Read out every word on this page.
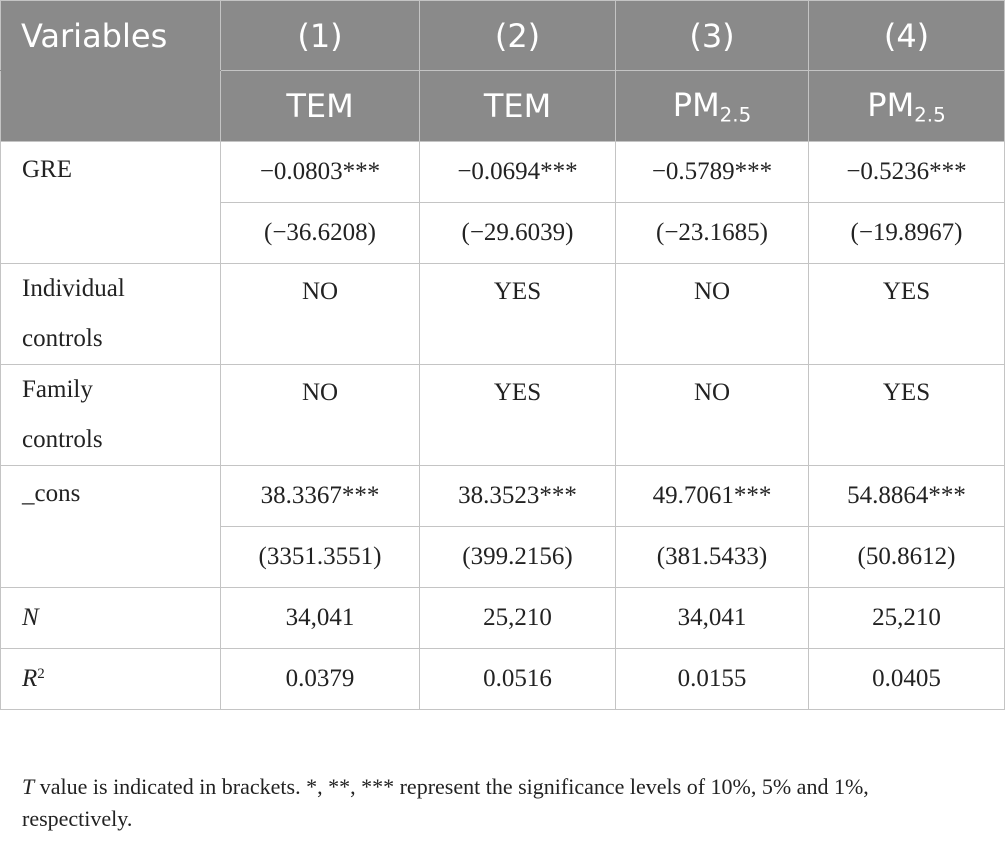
Variables	(1)	(2)	(3)	(4)
	TEM	TEM	$PM_{2.5}$	$PM_{2.5}$
GRE	−0.0803***	−0.0694***	−0.5789***	−0.5236***
	(−36.6208)	(−29.6039)	(−23.1685)	(−19.8967)
Individual
controls	NO	YES	NO	YES
Family
controls	NO	YES	NO	YES
_cons	38.3367***	38.3523***	49.7061***	54.8864***
	(3351.3551)	(399.2156)	(381.5433)	(50.8612)
N	34,041	25,210	34,041	25,210
$R^2$	0.0379	0.0516	0.0155	0.0405
T value is indicated in brackets. *, **, *** represent the significance levels of 10%, 5% and 1%, respectively.
